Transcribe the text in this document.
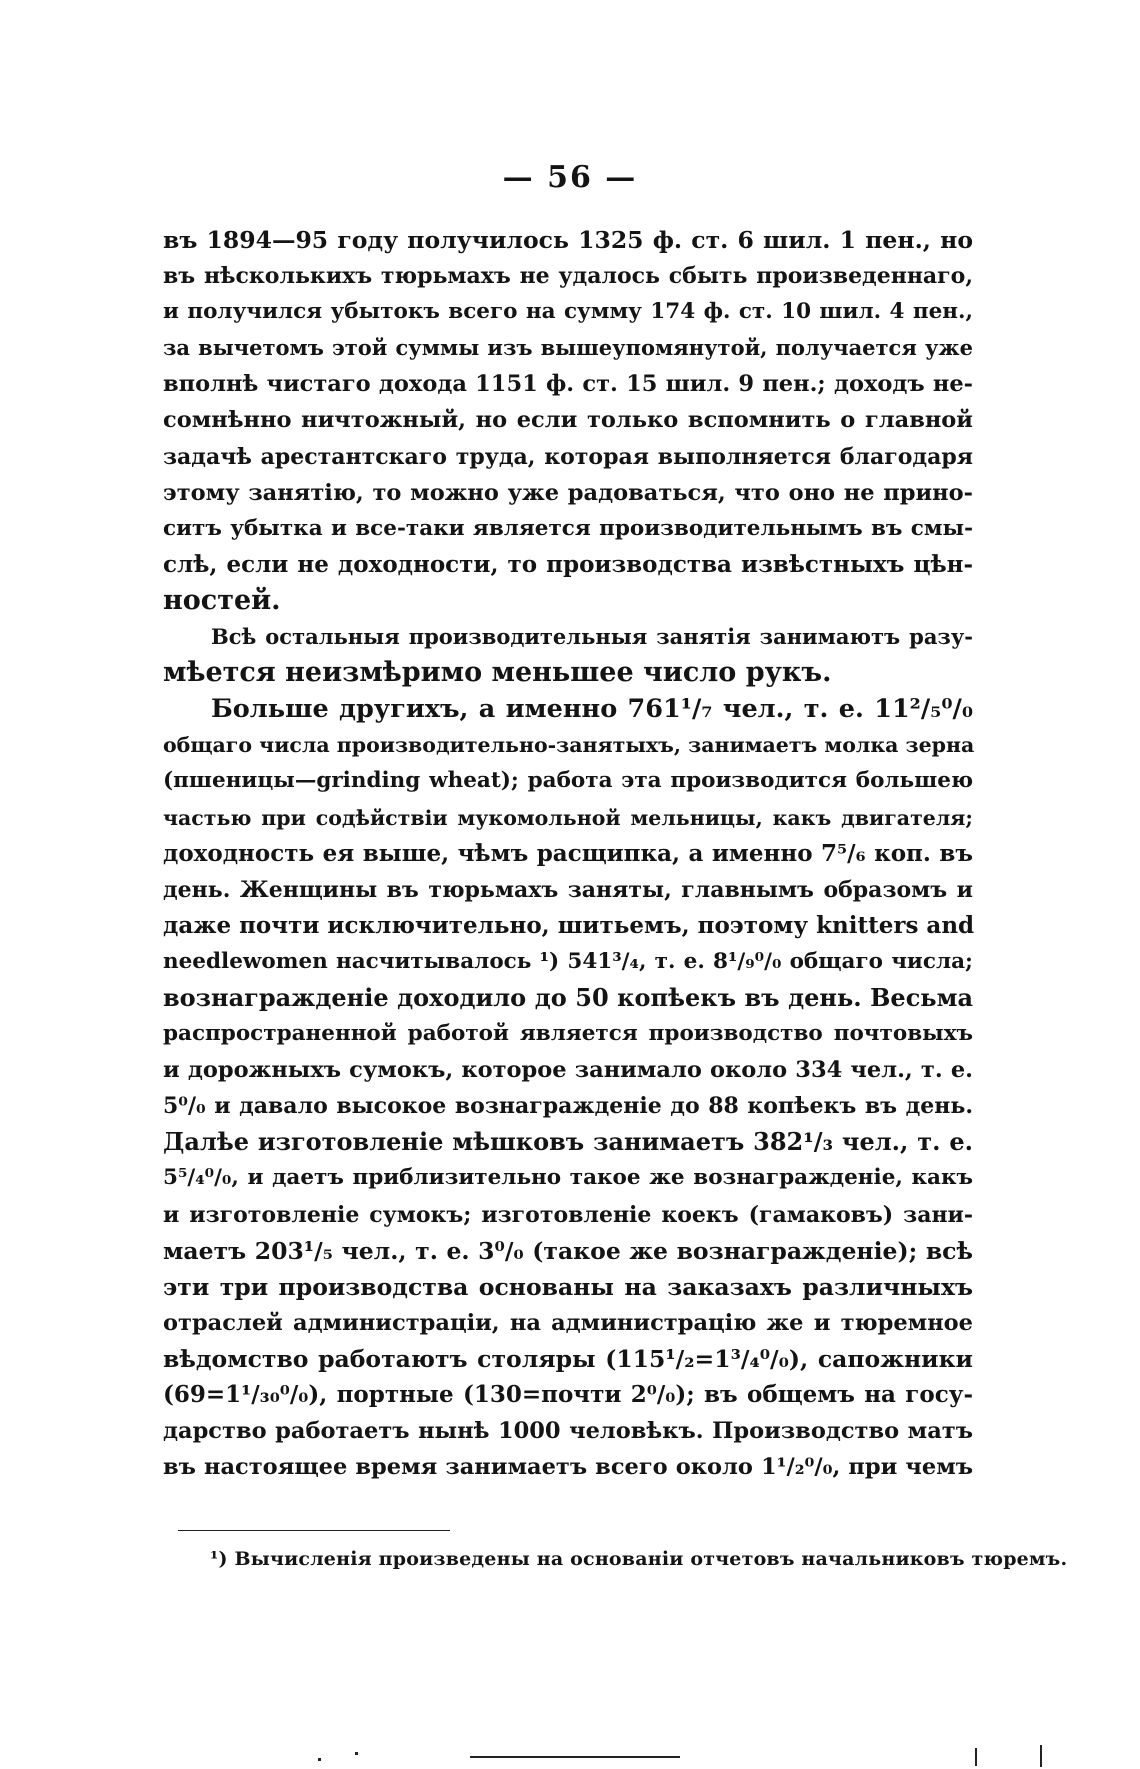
— 56 —
въ 1894—95 году получилось 1325 ф. ст. 6 шил. 1 пен., но
въ нѣсколькихъ тюрьмахъ не удалось сбыть произведеннаго,
и получился убытокъ всего на сумму 174 ф. ст. 10 шил. 4 пен.,
за вычетомъ этой суммы изъ вышеупомянутой, получается уже
вполнѣ чистаго дохода 1151 ф. ст. 15 шил. 9 пен.; доходъ не-
сомнѣнно ничтожный, но если только вспомнить о главной
задачѣ арестантскаго труда, которая выполняется благодаря
этому занятію, то можно уже радоваться, что оно не прино-
ситъ убытка и все-таки является производительнымъ въ смы-
слѣ, если не доходности, то производства извѣстныхъ цѣн-
ностей.
Всѣ остальныя производительныя занятія занимаютъ разу-
мѣется неизмѣримо меньшее число рукъ.
Больше другихъ, а именно 761¹/₇ чел., т. е. 11²/₅⁰/₀
общаго числа производительно-занятыхъ, занимаетъ молка зерна
(пшеницы—grinding wheat); работа эта производится большею
частью при содѣйствіи мукомольной мельницы, какъ двигателя;
доходность ея выше, чѣмъ расщипка, а именно 7⁵/₆ коп. въ
день. Женщины въ тюрьмахъ заняты, главнымъ образомъ и
даже почти исключительно, шитьемъ, поэтому knitters and
needlewomen насчитывалось ¹) 541³/₄, т. е. 8¹/₉⁰/₀ общаго числа;
вознагражденіе доходило до 50 копѣекъ въ день. Весьма
распространенной работой является производство почтовыхъ
и дорожныхъ сумокъ, которое занимало около 334 чел., т. е.
5⁰/₀ и давало высокое вознагражденіе до 88 копѣекъ въ день.
Далѣе изготовленіе мѣшковъ занимаетъ 382¹/₃ чел., т. е.
5⁵/₄⁰/₀, и даетъ приблизительно такое же вознагражденіе, какъ
и изготовленіе сумокъ; изготовленіе коекъ (гамаковъ) зани-
маетъ 203¹/₅ чел., т. е. 3⁰/₀ (такое же вознагражденіе); всѣ
эти три производства основаны на заказахъ различныхъ
отраслей администраціи, на администрацію же и тюремное
вѣдомство работаютъ столяры (115¹/₂=1³/₄⁰/₀), сапожники
(69=1¹/₃₀⁰/₀), портные (130=почти 2⁰/₀); въ общемъ на госу-
дарство работаетъ нынѣ 1000 человѣкъ. Производство матъ
въ настоящее время занимаетъ всего около 1¹/₂⁰/₀, при чемъ
¹) Вычисленія произведены на основаніи отчетовъ начальниковъ тюремъ.
